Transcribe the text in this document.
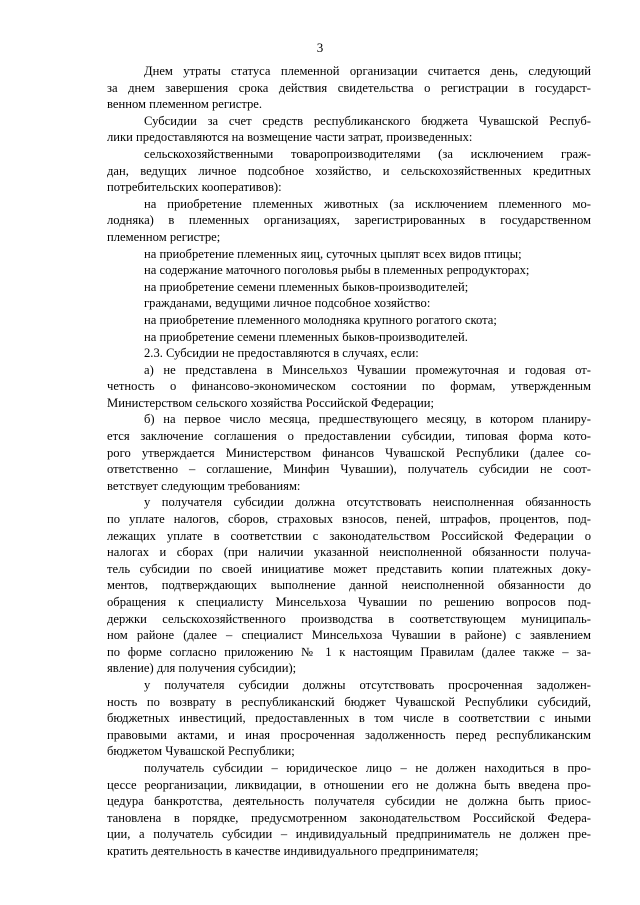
3

Днем утраты статуса племенной организации считается день, следующий

за днем завершения срока действия свидетельства о регистрации в государст-

венном племенном регистре.

Субсидии за счет средств республиканского бюджета Чувашской Респуб-

лики предоставляются на возмещение части затрат, произведенных:

сельскохозяйственными товаропроизводителями (за исключением граж-

дан, ведущих личное подсобное хозяйство, и сельскохозяйственных кредитных

потребительских кооперативов):

на приобретение племенных животных (за исключением племенного мо-

лодняка) в племенных организациях, зарегистрированных в государственном

племенном регистре;

на приобретение племенных яиц, суточных цыплят всех видов птицы;

на содержание маточного поголовья рыбы в племенных репродукторах;

на приобретение семени племенных быков-производителей;

гражданами, ведущими личное подсобное хозяйство:

на приобретение племенного молодняка крупного рогатого скота;

на приобретение семени племенных быков-производителей.

2.3. Субсидии не предоставляются в случаях, если:

а) не представлена в Минсельхоз Чувашии промежуточная и годовая от-

четность о финансово-экономическом состоянии по формам, утвержденным

Министерством сельского хозяйства Российской Федерации;

б) на первое число месяца, предшествующего месяцу, в котором планиру-

ется заключение соглашения о предоставлении субсидии, типовая форма кото-

рого утверждается Министерством финансов Чувашской Республики (далее со-

ответственно – соглашение, Минфин Чувашии), получатель субсидии не соот-

ветствует следующим требованиям:

у получателя субсидии должна отсутствовать неисполненная обязанность

по уплате налогов, сборов, страховых взносов, пеней, штрафов, процентов, под-

лежащих уплате в соответствии с законодательством Российской Федерации о

налогах и сборах (при наличии указанной неисполненной обязанности получа-

тель субсидии по своей инициативе может представить копии платежных доку-

ментов, подтверждающих выполнение данной неисполненной обязанности до

обращения к специалисту Минсельхоза Чувашии по решению вопросов под-

держки сельскохозяйственного производства в соответствующем муниципаль-

ном районе (далее – специалист Минсельхоза Чувашии в районе) с заявлением

по форме согласно приложению № 1 к настоящим Правилам (далее также – за-

явление) для получения субсидии);

у получателя субсидии должны отсутствовать просроченная задолжен-

ность по возврату в республиканский бюджет Чувашской Республики субсидий,

бюджетных инвестиций, предоставленных в том числе в соответствии с иными

правовыми актами, и иная просроченная задолженность перед республиканским

бюджетом Чувашской Республики;

получатель субсидии – юридическое лицо – не должен находиться в про-

цессе реорганизации, ликвидации, в отношении его не должна быть введена про-

цедура банкротства, деятельность получателя субсидии не должна быть приос-

тановлена в порядке, предусмотренном законодательством Российской Федера-

ции, а получатель субсидии – индивидуальный предприниматель не должен пре-

кратить деятельность в качестве индивидуального предпринимателя;
